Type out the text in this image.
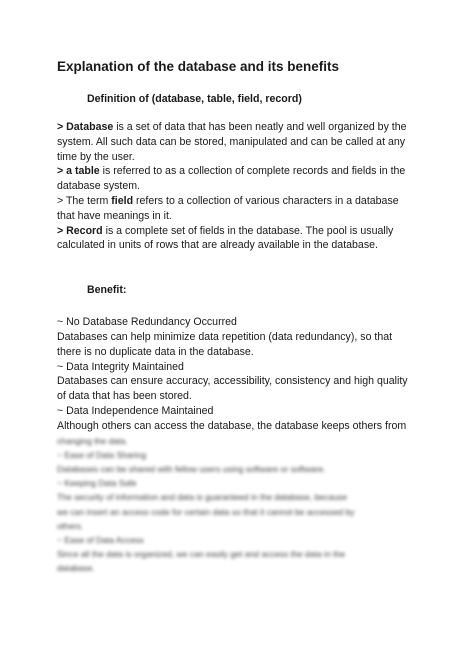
Explanation of the database and its benefits
Definition of (database, table, field, record)

> Database is a set of data that has been neatly and well organized by the system. All such data can be stored, manipulated and can be called at any time by the user.

> a table is referred to as a collection of complete records and fields in the database system.

> The term field refers to a collection of various characters in a database that have meanings in it.

> Record is a complete set of fields in the database. The pool is usually calculated in units of rows that are already available in the database.

Benefit:

~ No Database Redundancy Occurred

Databases can help minimize data repetition (data redundancy), so that there is no duplicate data in the database.

~ Data Integrity Maintained

Databases can ensure accuracy, accessibility, consistency and high quality of data that has been stored.

~ Data Independence Maintained

Although others can access the database, the database keeps others from

changing the data.

~ Ease of Data Sharing

Databases can be shared with fellow users using software or software.

~ Keeping Data Safe

The security of information and data is guaranteed in the database, because

we can insert an access code for certain data so that it cannot be accessed by

others.

~ Ease of Data Access

Since all the data is organized, we can easily get and access the data in the

database.
